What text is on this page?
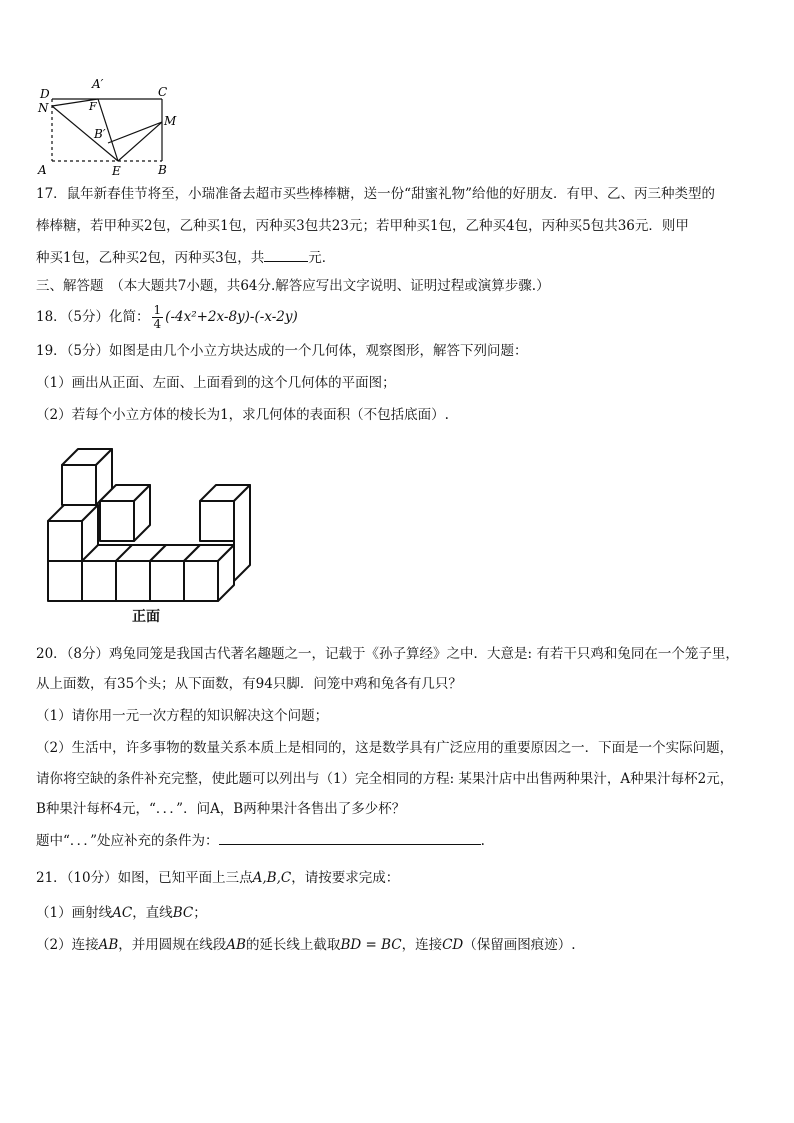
D
A′
C
N	F
B′
M
A	E	B
17．鼠年新春佳节将至，小瑞准备去超市买些棒棒糖，送一份“甜蜜礼物”给他的好朋友．有甲、乙、丙三种类型的
棒棒糖，若甲种买2包，乙种买1包，丙种买3包共23元；若甲种买1包，乙种买4包，丙种买5包共36元．则甲
种买1包，乙种买2包，丙种买3包，共	元．
三、解答题　（本大题共7小题，共64分.解答应写出文字说明、证明过程或演算步骤.）
18．（5分）化简： $\frac{1}{4} (-4x^2+2x-8y)-(-x-2y)$
19．（5分）如图是由几个小立方块达成的一个几何体，观察图形，解答下列问题：
（1）画出从正面、左面、上面看到的这个几何体的平面图；
（2）若每个小立方体的棱长为1，求几何体的表面积（不包括底面）.
正面
20．（8分）鸡兔同笼是我国古代著名趣题之一，记载于《孙子算经》之中．大意是: 有若干只鸡和兔同在一个笼子里，
从上面数，有35个头；从下面数，有94只脚．问笼中鸡和兔各有几只？
（1）请你用一元一次方程的知识解决这个问题；
（2）生活中，许多事物的数量关系本质上是相同的，这是数学具有广泛应用的重要原因之一．下面是一个实际问题，
请你将空缺的条件补充完整，使此题可以列出与（1）完全相同的方程: 某果汁店中出售两种果汁，A种果汁每杯2元，
B种果汁每杯4元，“．．．”．问A，B两种果汁各售出了多少杯？
题中“．．．”处应补充的条件为：	.
21．（10分）如图，已知平面上三点A,B,C，请按要求完成：
（1）画射线AC，直线BC；
（2）连接AB，并用圆规在线段AB的延长线上截取BD = BC，连接CD（保留画图痕迹）.
